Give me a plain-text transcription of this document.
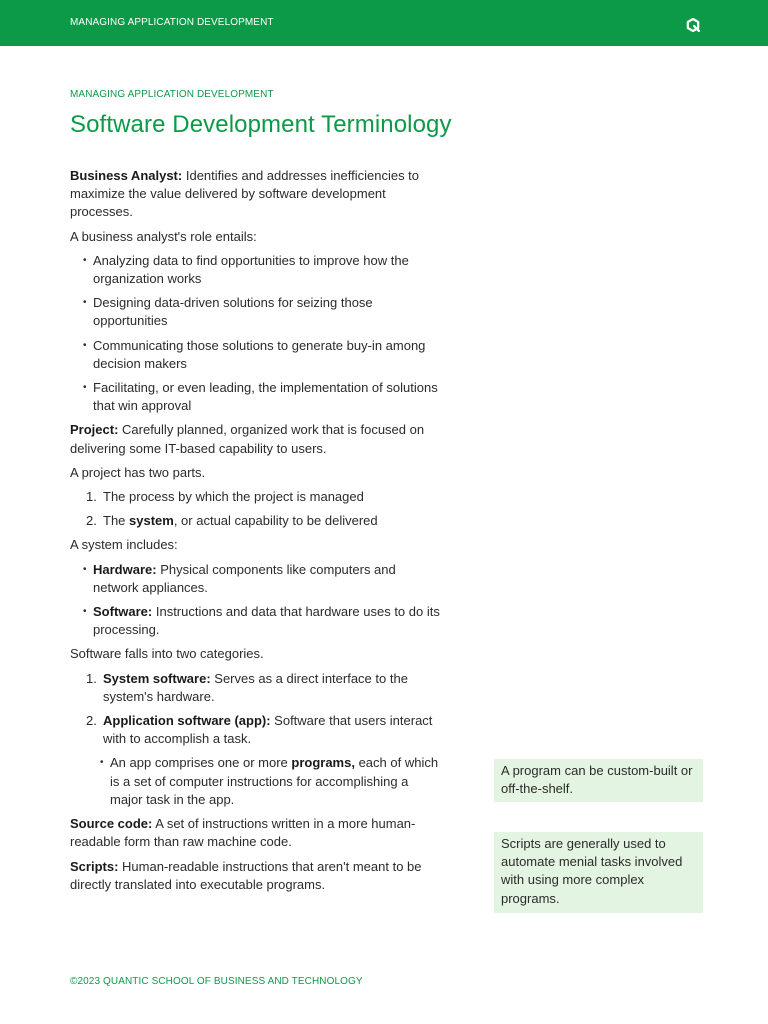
MANAGING APPLICATION DEVELOPMENT
MANAGING APPLICATION DEVELOPMENT
Software Development Terminology

Business Analyst: Identifies and addresses inefficiencies to maximize the value delivered by software development processes.

A business analyst's role entails:

• Analyzing data to find opportunities to improve how the organization works
• Designing data-driven solutions for seizing those opportunities
• Communicating those solutions to generate buy-in among decision makers
• Facilitating, or even leading, the implementation of solutions that win approval

Project: Carefully planned, organized work that is focused on delivering some IT-based capability to users.

A project has two parts.

1. The process by which the project is managed
2. The system, or actual capability to be delivered

A system includes:

• Hardware: Physical components like computers and network appliances.
• Software: Instructions and data that hardware uses to do its processing.

Software falls into two categories.

1. System software: Serves as a direct interface to the system's hardware.
2. Application software (app): Software that users interact with to accomplish a task.
• An app comprises one or more programs, each of which is a set of computer instructions for accomplishing a major task in the app.

Source code: A set of instructions written in a more human-readable form than raw machine code.

Scripts: Human-readable instructions that aren't meant to be directly translated into executable programs.

A program can be custom-built or off-the-shelf.
Scripts are generally used to automate menial tasks involved with using more complex programs.
©2023 QUANTIC SCHOOL OF BUSINESS AND TECHNOLOGY
